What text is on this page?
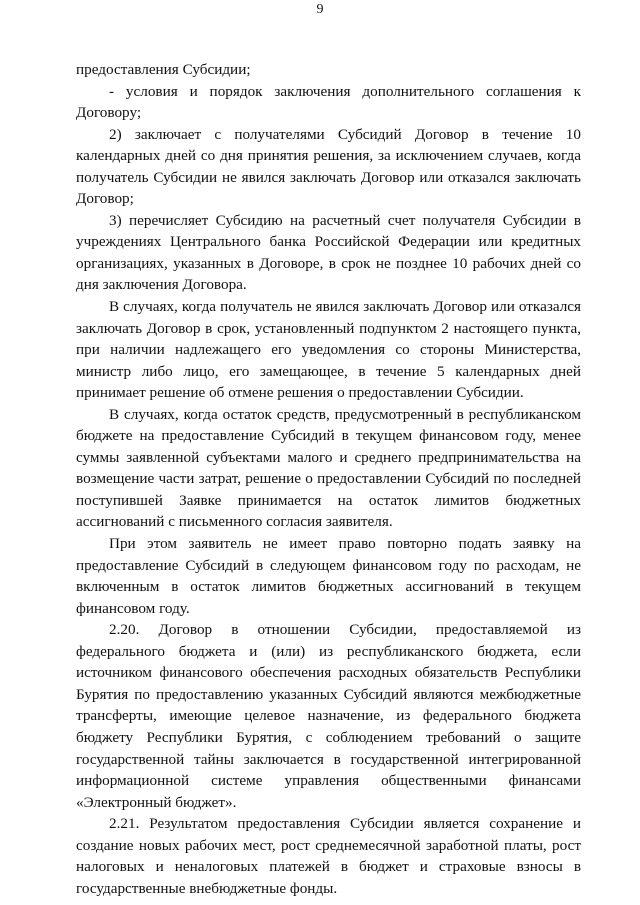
9

предоставления Субсидии;

- условия и порядок заключения дополнительного соглашения к Договору;

2) заключает с получателями Субсидий Договор в течение 10 календарных дней со дня принятия решения, за исключением случаев, когда получатель Субсидии не явился заключать Договор или отказался заключать Договор;

3) перечисляет Субсидию на расчетный счет получателя Субсидии в учреждениях Центрального банка Российской Федерации или кредитных организациях, указанных в Договоре, в срок не позднее 10 рабочих дней со дня заключения Договора.

В случаях, когда получатель не явился заключать Договор или отказался заключать Договор в срок, установленный подпунктом 2 настоящего пункта, при наличии надлежащего его уведомления со стороны Министерства, министр либо лицо, его замещающее, в течение 5 календарных дней принимает решение об отмене решения о предоставлении Субсидии.

В случаях, когда остаток средств, предусмотренный в республиканском бюджете на предоставление Субсидий в текущем финансовом году, менее суммы заявленной субъектами малого и среднего предпринимательства на возмещение части затрат, решение о предоставлении Субсидий по последней поступившей Заявке принимается на остаток лимитов бюджетных ассигнований с письменного согласия заявителя.

При этом заявитель не имеет право повторно подать заявку на предоставление Субсидий в следующем финансовом году по расходам, не включенным в остаток лимитов бюджетных ассигнований в текущем финансовом году.

2.20. Договор в отношении Субсидии, предоставляемой из федерального бюджета и (или) из республиканского бюджета, если источником финансового обеспечения расходных обязательств Республики Бурятия по предоставлению указанных Субсидий являются межбюджетные трансферты, имеющие целевое назначение, из федерального бюджета бюджету Республики Бурятия, с соблюдением требований о защите государственной тайны заключается в государственной интегрированной информационной системе управления общественными финансами «Электронный бюджет».

2.21. Результатом предоставления Субсидии является сохранение и создание новых рабочих мест, рост среднемесячной заработной платы, рост налоговых и неналоговых платежей в бюджет и страховые взносы в государственные внебюджетные фонды.
